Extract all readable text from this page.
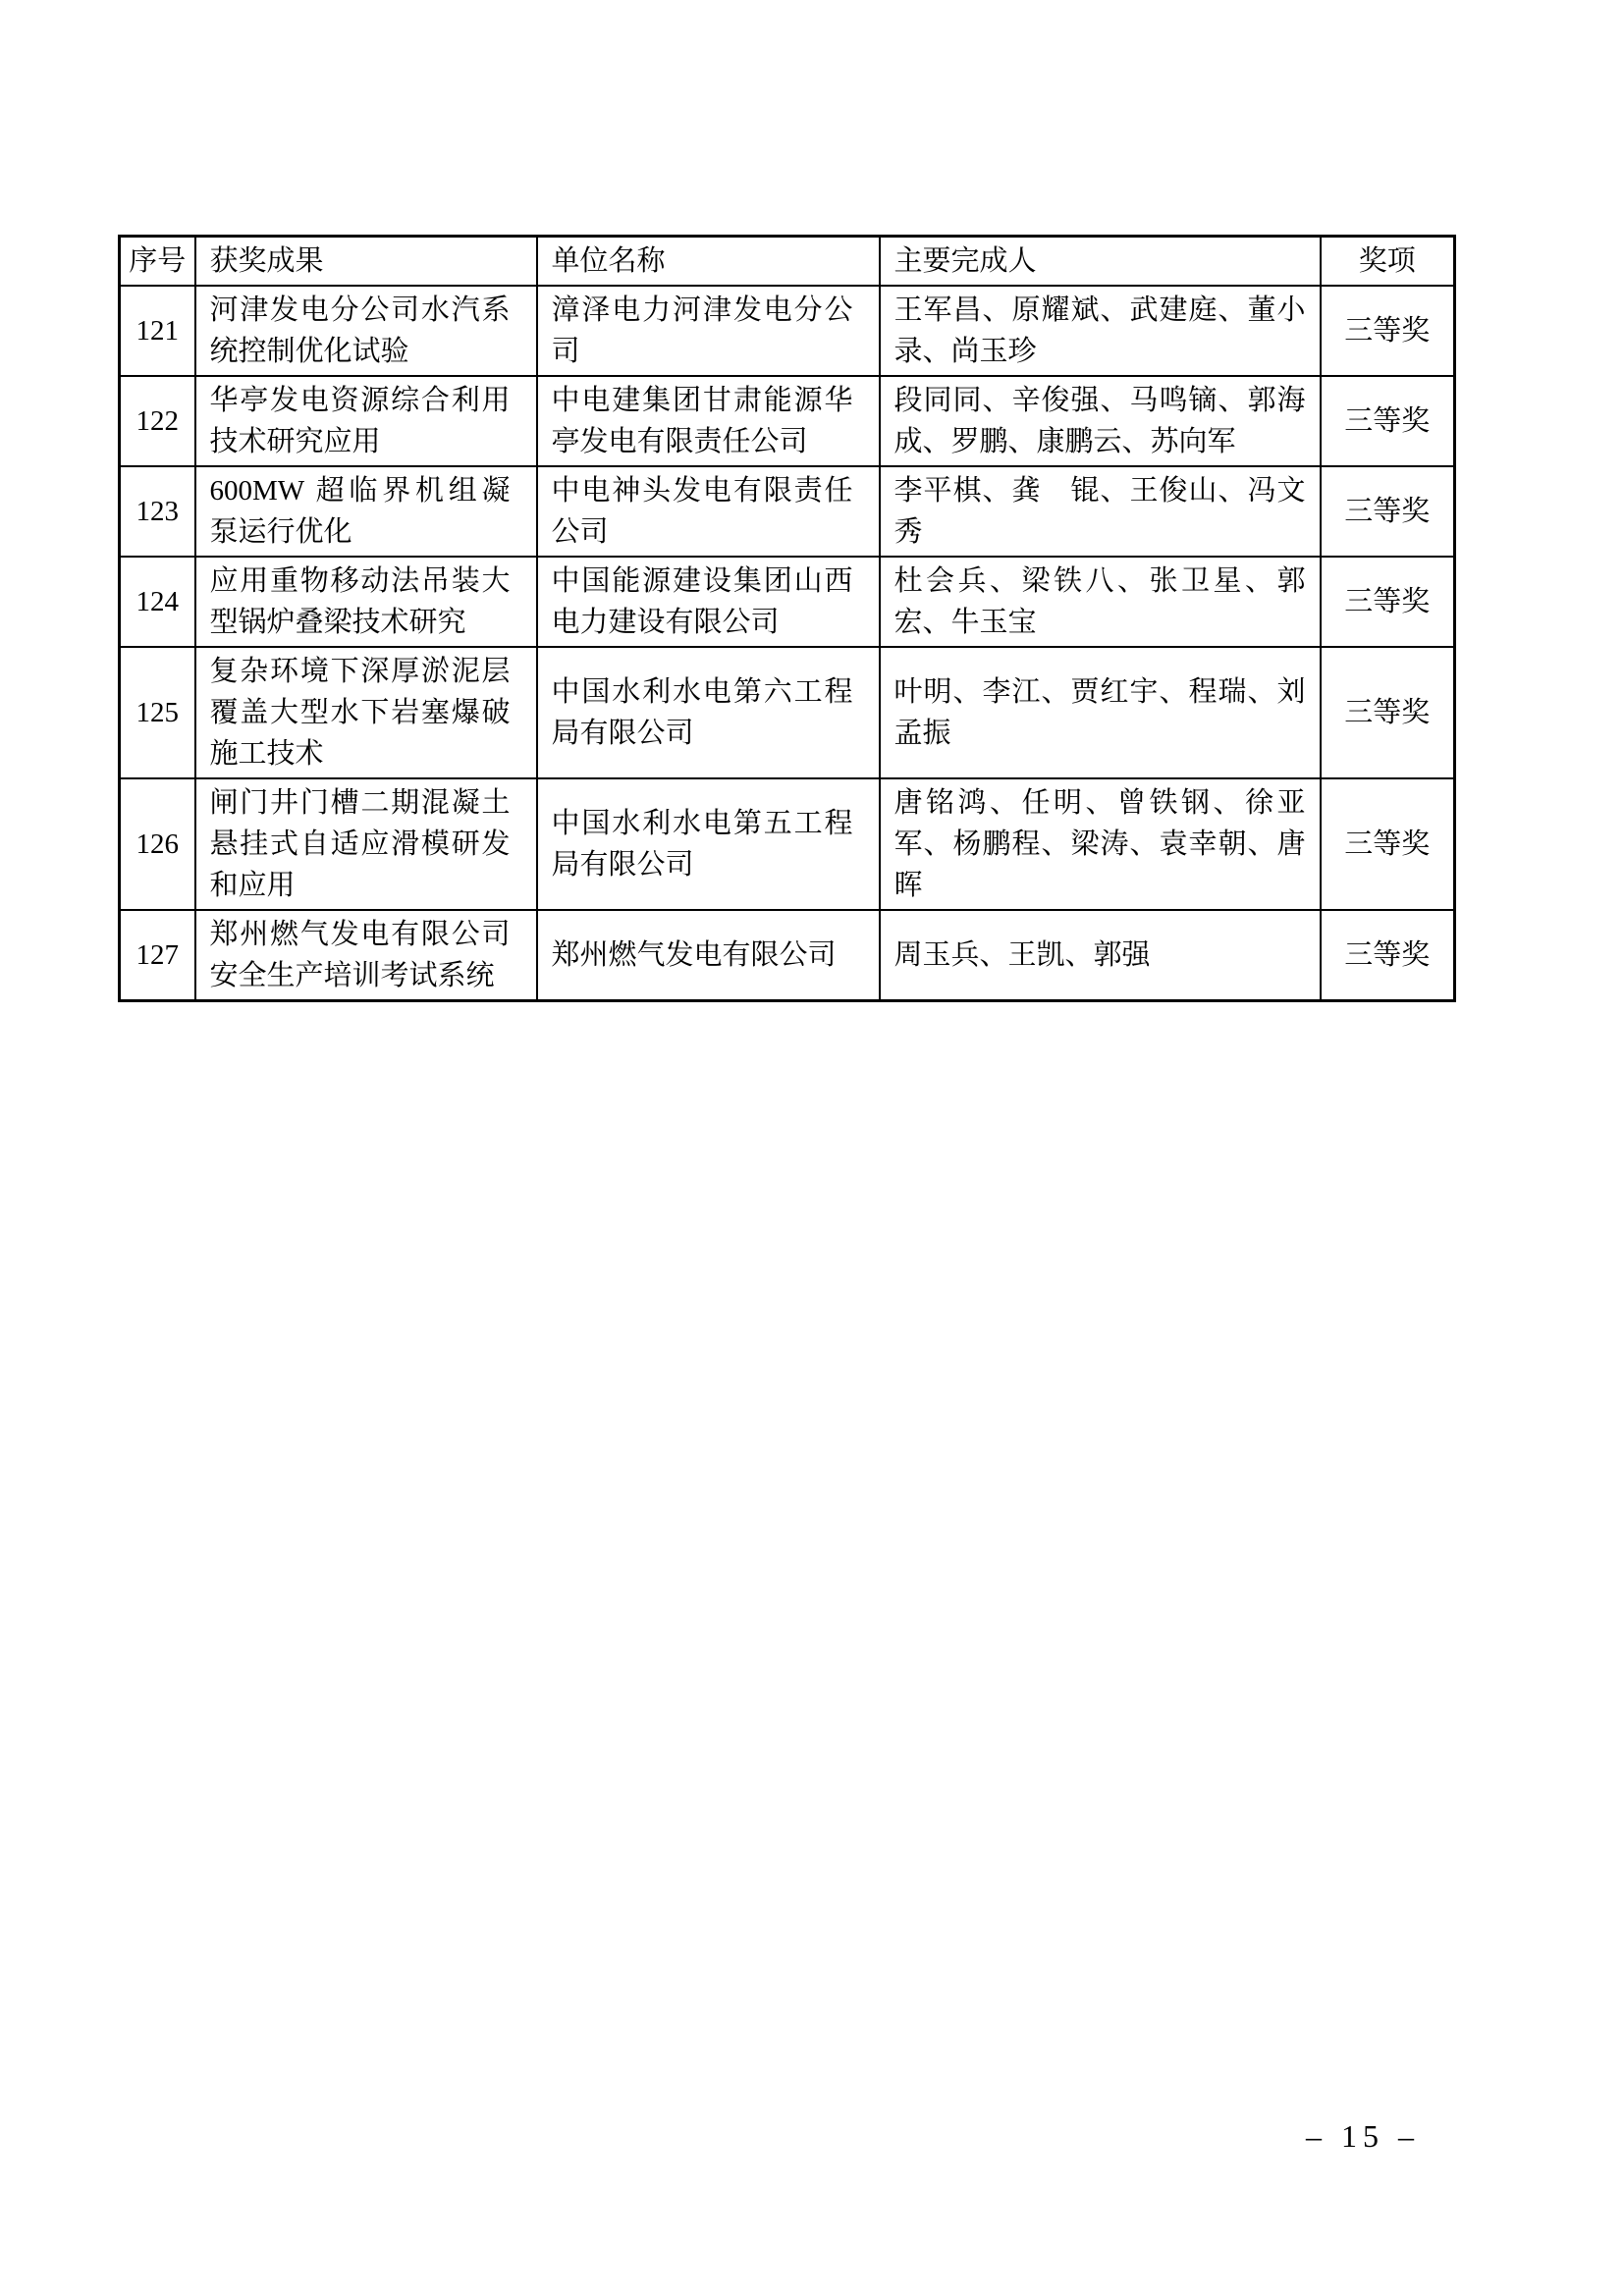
序号	获奖成果	单位名称	主要完成人	奖项
121	河津发电分公司水汽系统控制优化试验	漳泽电力河津发电分公司	王军昌、原耀斌、武建庭、董小录、尚玉珍	三等奖
122	华亭发电资源综合利用技术研究应用	中电建集团甘肃能源华亭发电有限责任公司	段同同、辛俊强、马鸣镝、郭海成、罗鹏、康鹏云、苏向军	三等奖
123	600MW 超临界机组凝泵运行优化	中电神头发电有限责任公司	李平棋、龚　锟、王俊山、冯文秀	三等奖
124	应用重物移动法吊装大型锅炉叠梁技术研究	中国能源建设集团山西电力建设有限公司	杜会兵、梁铁八、张卫星、郭宏、牛玉宝	三等奖
125	复杂环境下深厚淤泥层覆盖大型水下岩塞爆破施工技术	中国水利水电第六工程局有限公司	叶明、李江、贾红宇、程瑞、刘孟振	三等奖
126	闸门井门槽二期混凝土悬挂式自适应滑模研发和应用	中国水利水电第五工程局有限公司	唐铭鸿、任明、曾铁钢、徐亚军、杨鹏程、梁涛、袁幸朝、唐晖	三等奖
127	郑州燃气发电有限公司安全生产培训考试系统	郑州燃气发电有限公司	周玉兵、王凯、郭强	三等奖
– 15 –
